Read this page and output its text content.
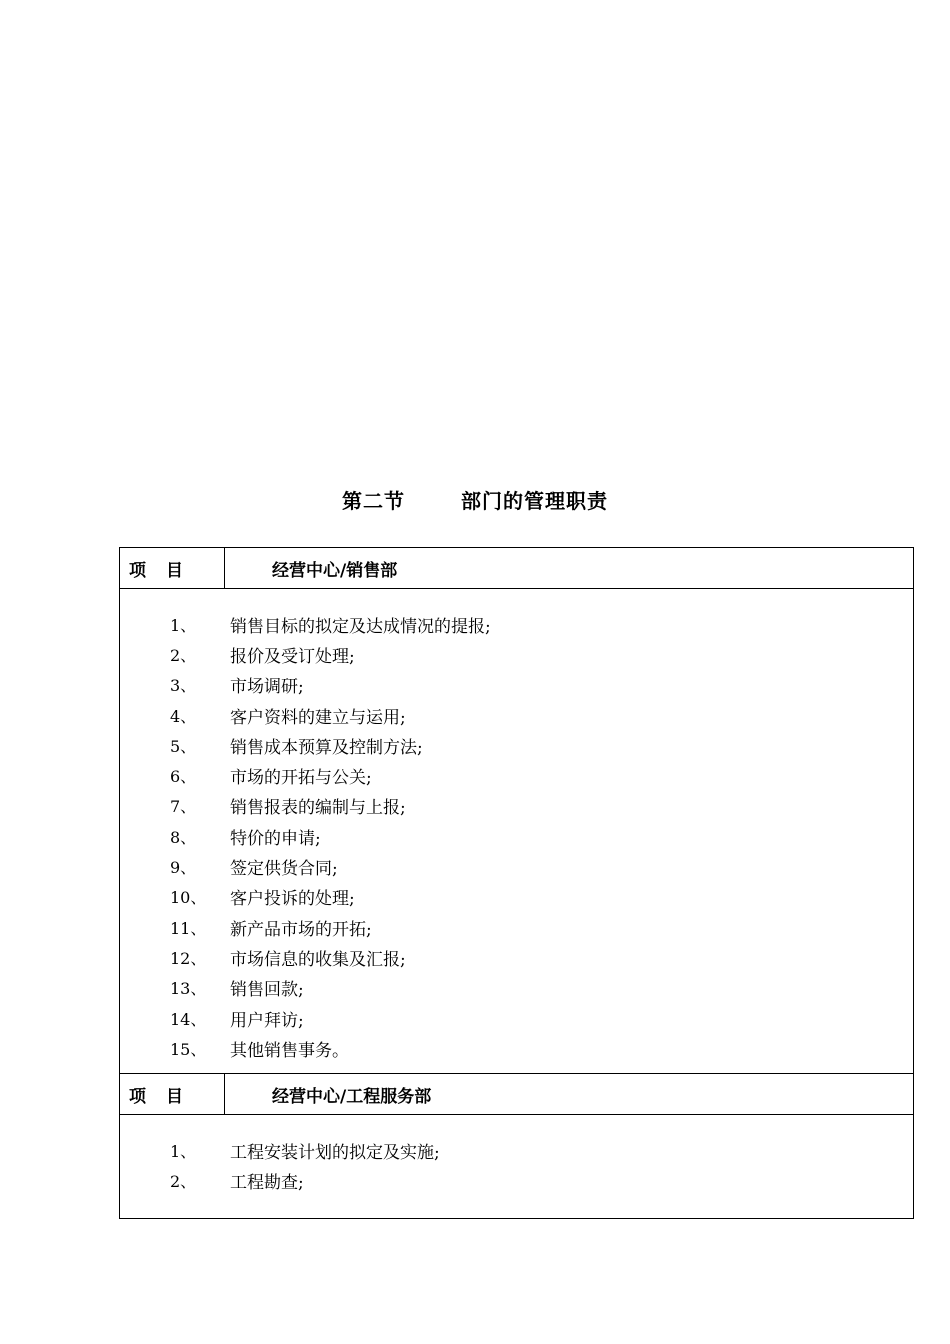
第二节	部门的管理职责
项 目	经营中心/销售部
1、	销售目标的拟定及达成情况的提报;
2、	报价及受订处理;
3、	市场调研;
4、	客户资料的建立与运用;
5、	销售成本预算及控制方法;
6、	市场的开拓与公关;
7、	销售报表的编制与上报;
8、	特价的申请;
9、	签定供货合同;
10、	客户投诉的处理;
11、	新产品市场的开拓;
12、	市场信息的收集及汇报;
13、	销售回款;
14、	用户拜访;
15、	其他销售事务。
项 目	经营中心/工程服务部
1、	工程安装计划的拟定及实施;
2、	工程勘查;
